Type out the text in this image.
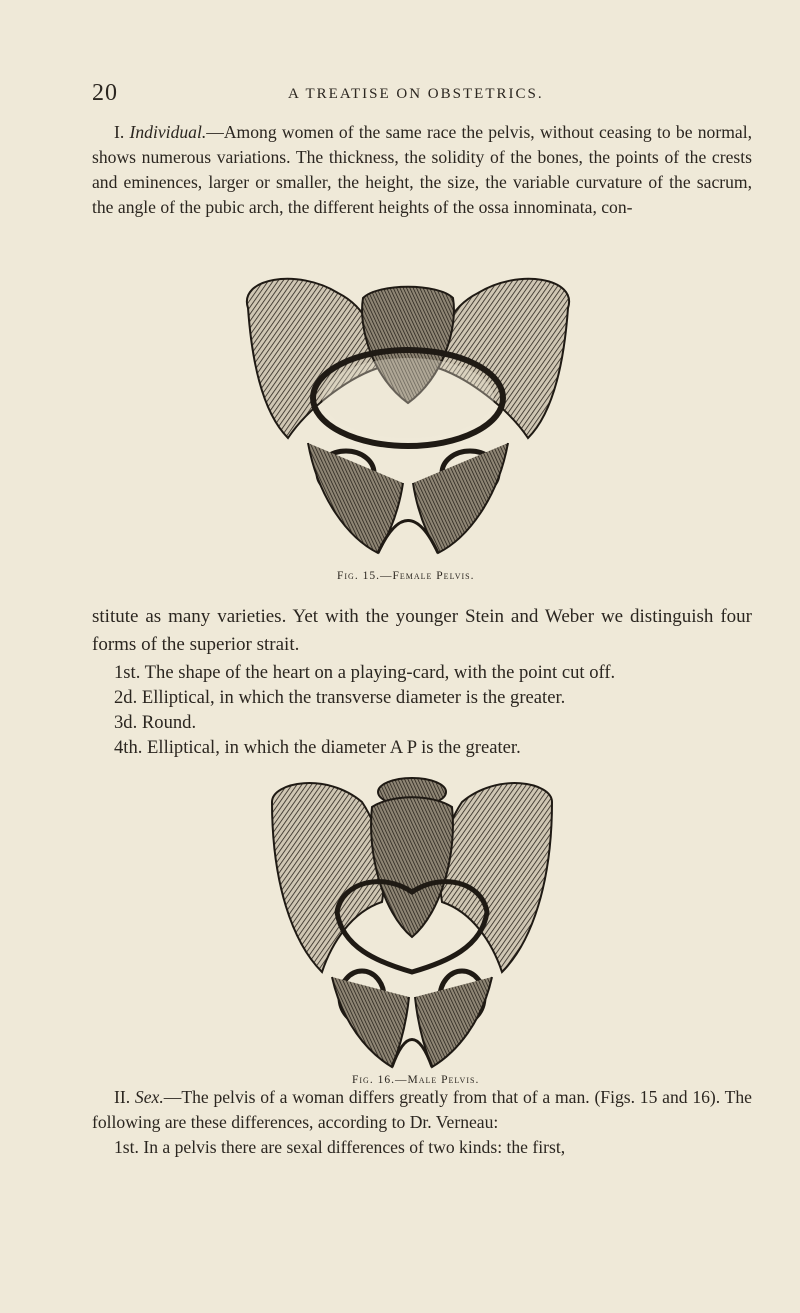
20	A TREATISE ON OBSTETRICS.
I. Individual.—Among women of the same race the pelvis, without ceasing to be normal, shows numerous variations. The thickness, the solidity of the bones, the points of the crests and eminences, larger or smaller, the height, the size, the variable curvature of the sacrum, the angle of the pubic arch, the different heights of the ossa innominata, con-
Fig. 15.—Female Pelvis.
stitute as many varieties. Yet with the younger Stein and Weber we distinguish four forms of the superior strait.
1st. The shape of the heart on a playing-card, with the point cut off.
2d. Elliptical, in which the transverse diameter is the greater.
3d. Round.
4th. Elliptical, in which the diameter A P is the greater.
Fig. 16.—Male Pelvis.
II. Sex.—The pelvis of a woman differs greatly from that of a man. (Figs. 15 and 16). The following are these differences, according to Dr. Verneau:
1st. In a pelvis there are sexal differences of two kinds: the first,
